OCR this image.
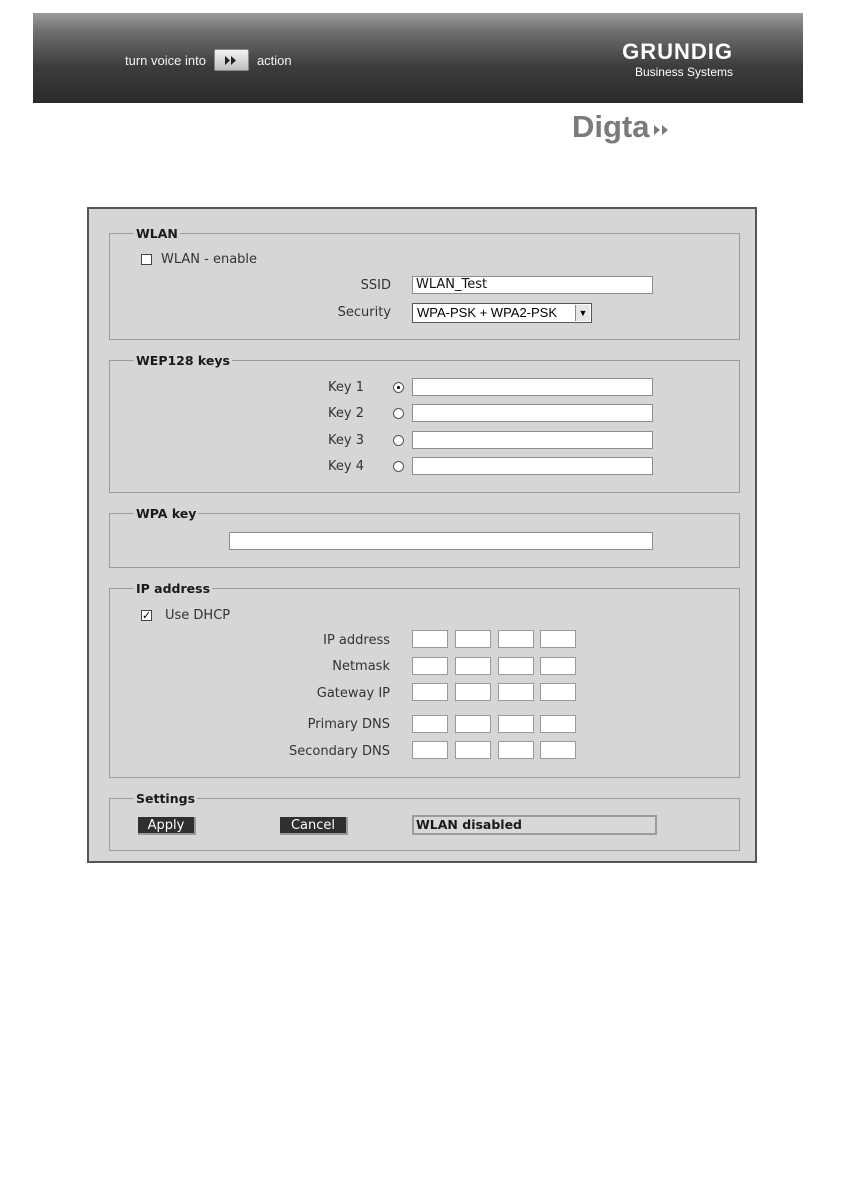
turn voice into	action	GRUNDIG
Business Systems
Digta
WLAN
WLAN - enable
SSID	WLAN_Test
Security	WPA-PSK + WPA2-PSK	▼
WEP128 keys
Key 1
Key 2
Key 3
Key 4
WPA key
IP address
✓ Use DHCP
IP address
Netmask
Gateway IP
Primary DNS
Secondary DNS
Settings
Apply	Cancel	WLAN disabled
